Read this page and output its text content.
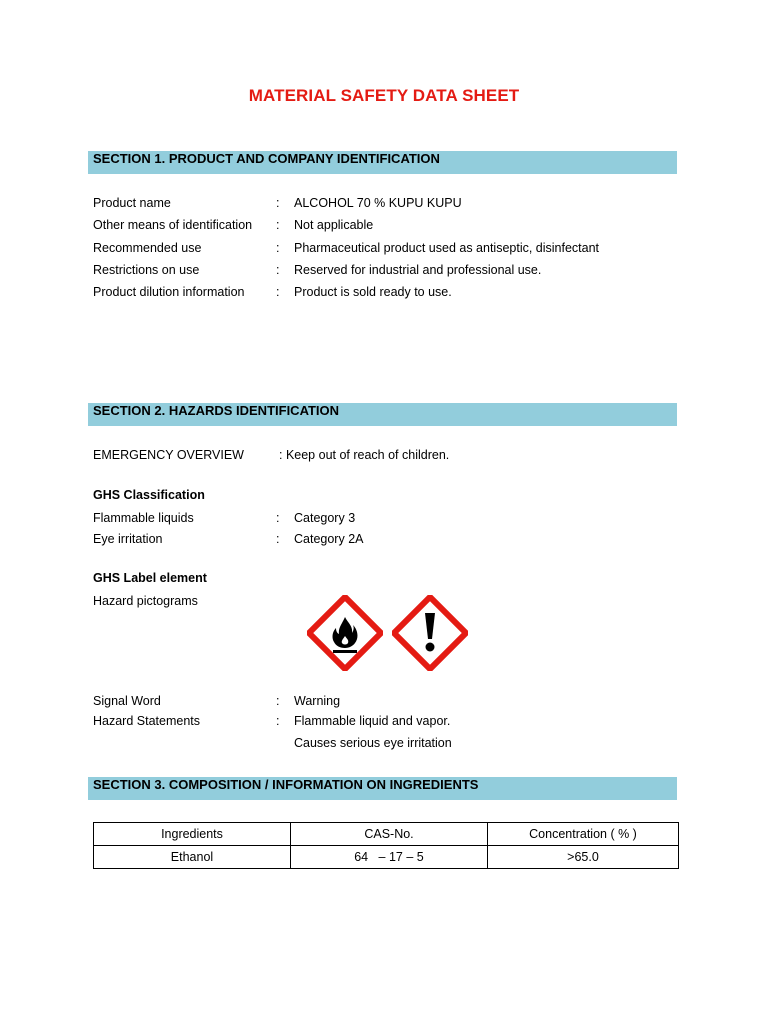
MATERIAL SAFETY DATA SHEET
SECTION 1. PRODUCT AND COMPANY IDENTIFICATION
Product name	: ALCOHOL 70 % KUPU KUPU
Other means of identification : Not applicable
Recommended use	: Pharmaceutical product used as antiseptic, disinfectant
Restrictions on use	: Reserved for industrial and professional use.
Product dilution information	: Product is sold ready to use.
SECTION 2. HAZARDS IDENTIFICATION
EMERGENCY OVERVIEW	: Keep out of reach of children.
GHS Classification
Flammable liquids	: Category 3
Eye irritation	: Category 2A
GHS Label element
Hazard pictograms
Signal Word	: Warning
Hazard Statements	: Flammable liquid and vapor.
Causes serious eye irritation
SECTION 3. COMPOSITION / INFORMATION ON INGREDIENTS
Ingredients	CAS-No.	Concentration ( % )
Ethanol	64   – 17 – 5	>65.0
